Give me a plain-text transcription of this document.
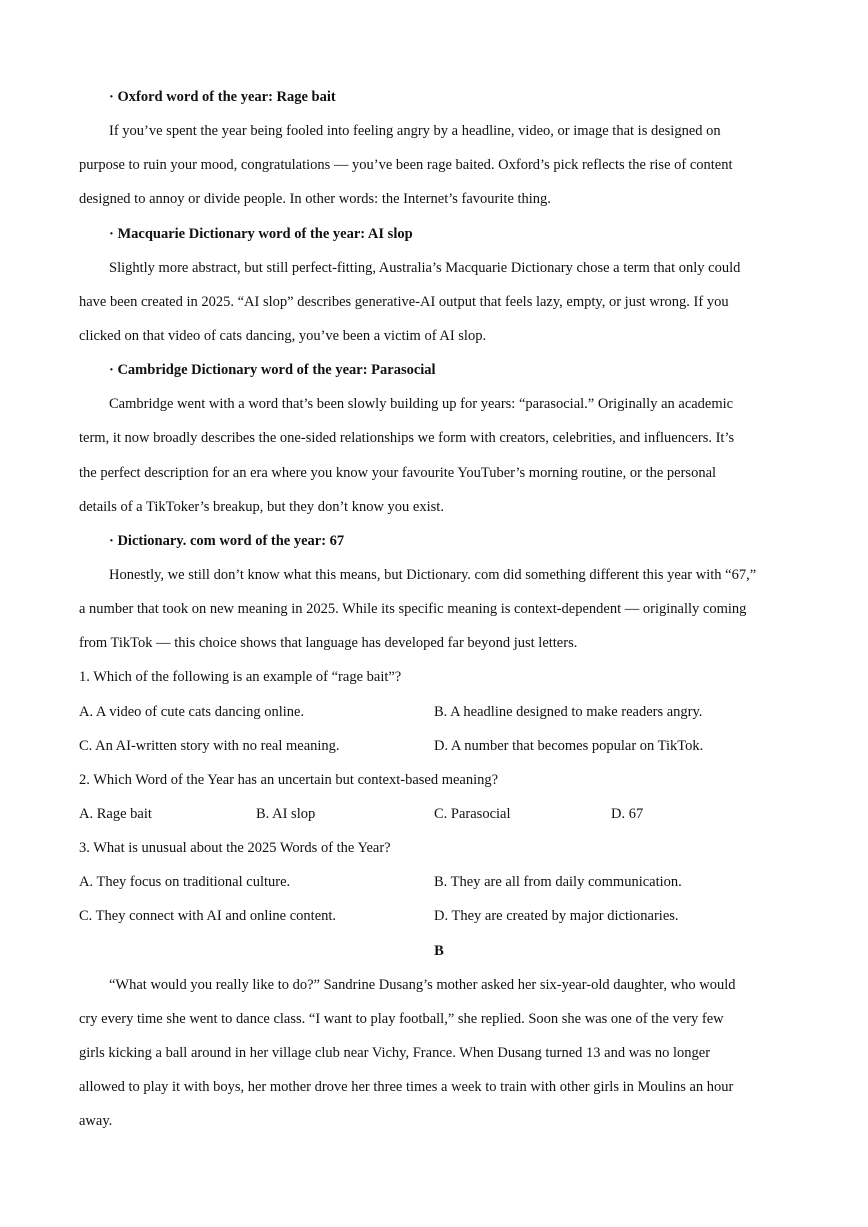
· Oxford word of the year: Rage bait
If you’ve spent the year being fooled into feeling angry by a headline, video, or image that is designed on
purpose to ruin your mood, congratulations — you’ve been rage baited. Oxford’s pick reflects the rise of content
designed to annoy or divide people. In other words: the Internet’s favourite thing.
· Macquarie Dictionary word of the year: AI slop
Slightly more abstract, but still perfect-fitting, Australia’s Macquarie Dictionary chose a term that only could
have been created in 2025. “AI slop” describes generative-AI output that feels lazy, empty, or just wrong. If you
clicked on that video of cats dancing, you’ve been a victim of AI slop.
· Cambridge Dictionary word of the year: Parasocial
Cambridge went with a word that’s been slowly building up for years: “parasocial.” Originally an academic
term, it now broadly describes the one-sided relationships we form with creators, celebrities, and influencers. It’s
the perfect description for an era where you know your favourite YouTuber’s morning routine, or the personal
details of a TikToker’s breakup, but they don’t know you exist.
· Dictionary. com word of the year: 67
Honestly, we still don’t know what this means, but Dictionary. com did something different this year with “67,”
a number that took on new meaning in 2025. While its specific meaning is context-dependent — originally coming
from TikTok — this choice shows that language has developed far beyond just letters.
1. Which of the following is an example of “rage bait”?
A. A video of cute cats dancing online.	B. A headline designed to make readers angry.
C. An AI-written story with no real meaning.	D. A number that becomes popular on TikTok.
2. Which Word of the Year has an uncertain but context-based meaning?
A. Rage bait	B. AI slop	C. Parasocial	D. 67
3. What is unusual about the 2025 Words of the Year?
A. They focus on traditional culture.	B. They are all from daily communication.
C. They connect with AI and online content.	D. They are created by major dictionaries.
B
“What would you really like to do?” Sandrine Dusang’s mother asked her six-year-old daughter, who would
cry every time she went to dance class. “I want to play football,” she replied. Soon she was one of the very few
girls kicking a ball around in her village club near Vichy, France. When Dusang turned 13 and was no longer
allowed to play it with boys, her mother drove her three times a week to train with other girls in Moulins an hour
away.
